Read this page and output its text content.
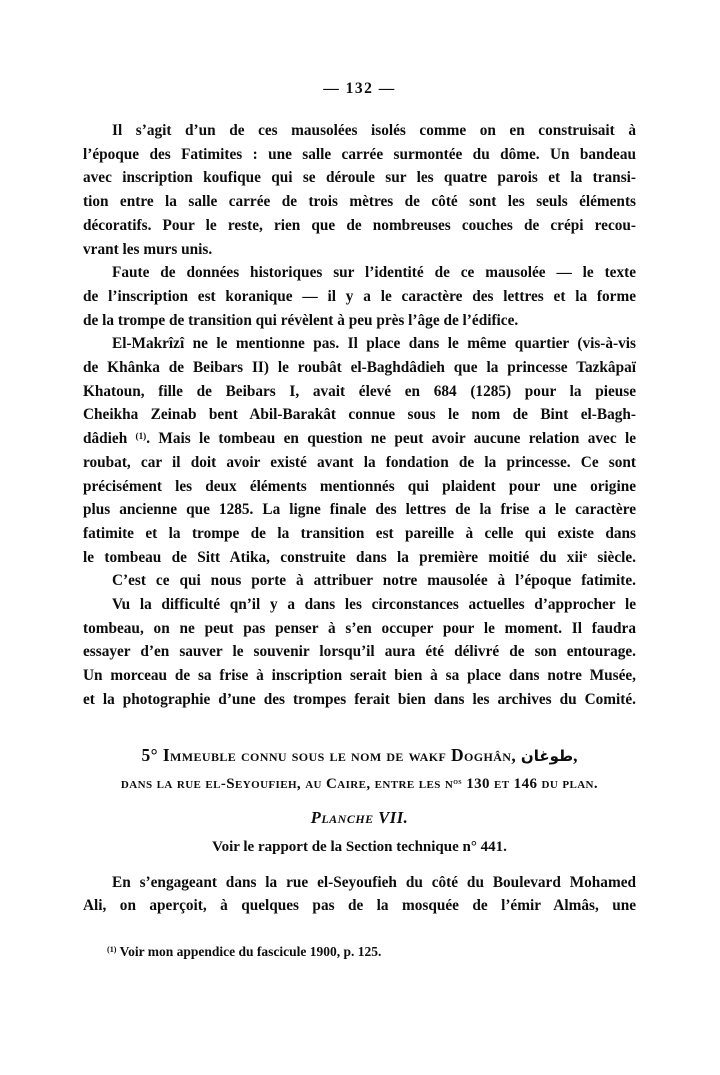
— 132 —
Il s’agit d’un de ces mausolées isolés comme on en construisait à
l’époque des Fatimites : une salle carrée surmontée du dôme. Un bandeau
avec inscription koufique qui se déroule sur les quatre parois et la transi-
tion entre la salle carrée de trois mètres de côté sont les seuls éléments
décoratifs. Pour le reste, rien que de nombreuses couches de crépi recou-
vrant les murs unis.
Faute de données historiques sur l’identité de ce mausolée — le texte
de l’inscription est koranique — il y a le caractère des lettres et la forme
de la trompe de transition qui révèlent à peu près l’âge de l’édifice.
El-Makrîzî ne le mentionne pas. Il place dans le même quartier (vis-à-vis
de Khânka de Beibars II) le roubât el-Baghdâdieh que la princesse Tazkâpaï
Khatoun, fille de Beibars I, avait élevé en 684 (1285) pour la pieuse
Cheikha Zeinab bent Abil-Barakât connue sous le nom de Bint el-Bagh-
dâdieh $^{(1)}$. Mais le tombeau en question ne peut avoir aucune relation avec le
roubat, car il doit avoir existé avant la fondation de la princesse. Ce sont
précisément les deux éléments mentionnés qui plaident pour une origine
plus ancienne que 1285. La ligne finale des lettres de la frise a le caractère
fatimite et la trompe de la transition est pareille à celle qui existe dans
le tombeau de Sitt Atika, construite dans la première moitié du xii$^e$ siècle.
C’est ce qui nous porte à attribuer notre mausolée à l’époque fatimite.
Vu la difficulté qn’il y a dans les circonstances actuelles d’approcher le
tombeau, on ne peut pas penser à s’en occuper pour le moment. Il faudra
essayer d’en sauver le souvenir lorsqu’il aura été délivré de son entourage.
Un morceau de sa frise à inscription serait bien à sa place dans notre Musée,
et la photographie d’une des trompes ferait bien dans les archives du Comité.
5° Immeuble connu sous le nom de wakf Doghân, طوغان,
dans la rue el-Seyoufieh, au Caire, entre les $n^{os}$ 130 et 146 du plan.
Planche VII.
Voir le rapport de la Section technique n° 441.
En s’engageant dans la rue el-Seyoufieh du côté du Boulevard Mohamed
Ali, on aperçoit, à quelques pas de la mosquée de l’émir Almâs, une
$^{(1)}$ Voir mon appendice du fascicule 1900, p. 125.
